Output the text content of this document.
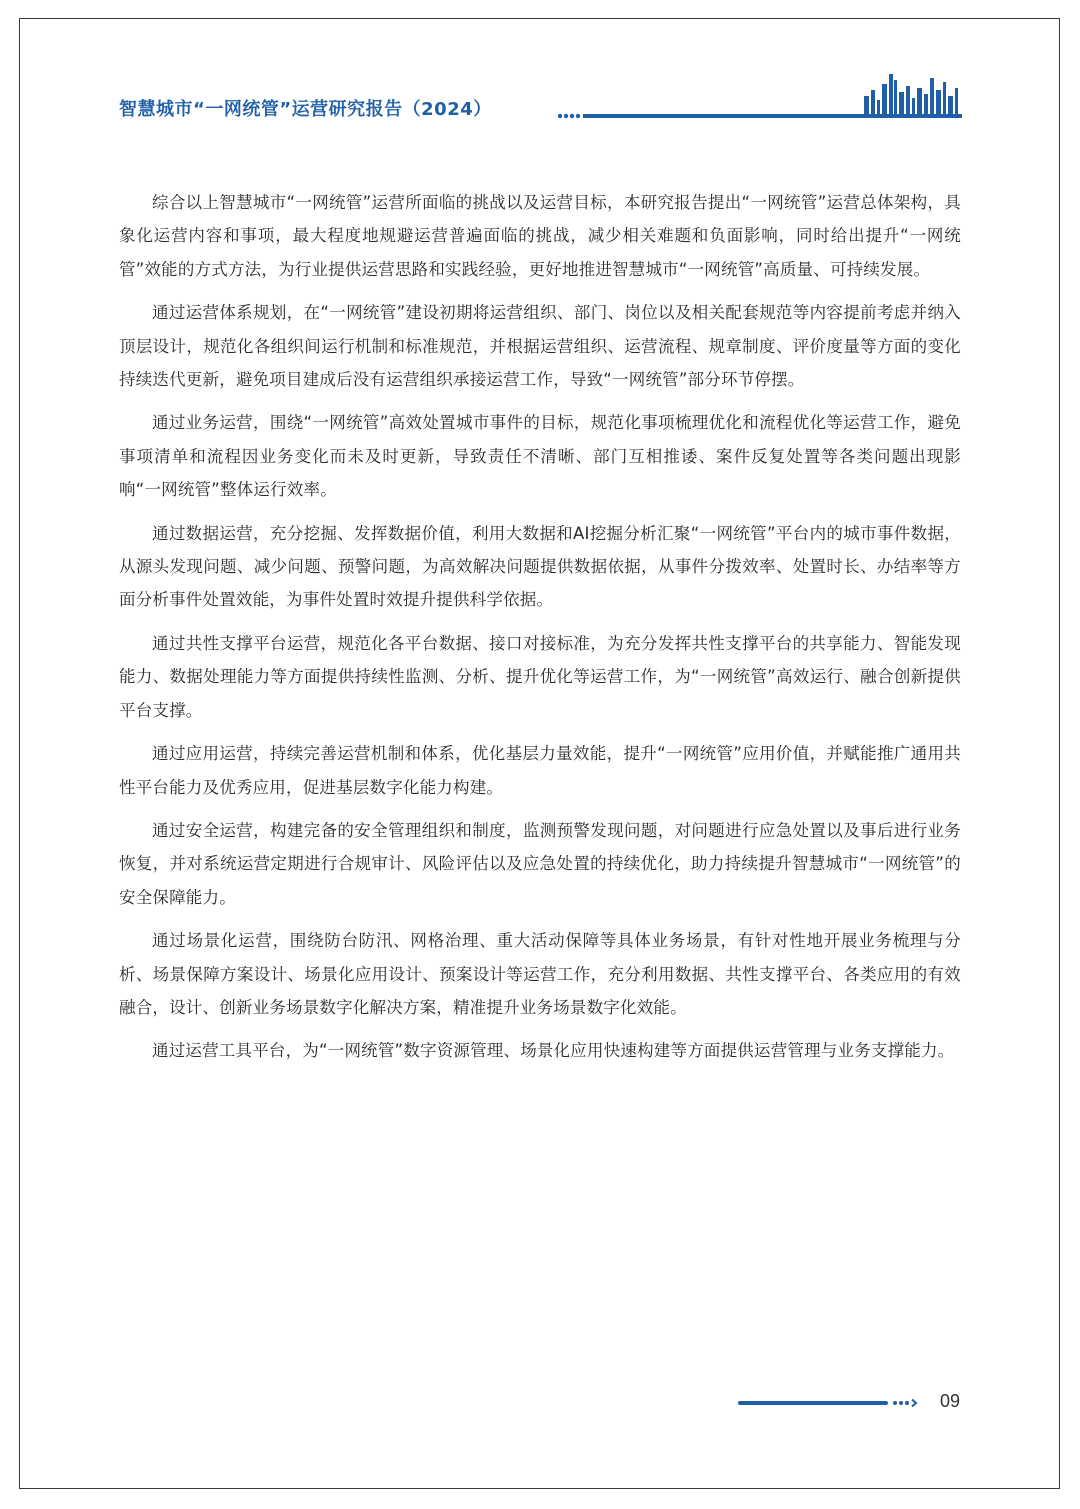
智慧城市“一网统管”运营研究报告（2024）

综合以上智慧城市“一网统管”运营所面临的挑战以及运营目标，本研究报告提出“一网统管”运营总体架构，具象化运营内容和事项，最大程度地规避运营普遍面临的挑战，减少相关难题和负面影响，同时给出提升“一网统管”效能的方式方法，为行业提供运营思路和实践经验，更好地推进智慧城市“一网统管”高质量、可持续发展。

通过运营体系规划，在“一网统管”建设初期将运营组织、部门、岗位以及相关配套规范等内容提前考虑并纳入顶层设计，规范化各组织间运行机制和标准规范，并根据运营组织、运营流程、规章制度、评价度量等方面的变化持续迭代更新，避免项目建成后没有运营组织承接运营工作，导致“一网统管”部分环节停摆。

通过业务运营，围绕“一网统管”高效处置城市事件的目标，规范化事项梳理优化和流程优化等运营工作，避免事项清单和流程因业务变化而未及时更新，导致责任不清晰、部门互相推诿、案件反复处置等各类问题出现影响“一网统管”整体运行效率。

通过数据运营，充分挖掘、发挥数据价值，利用大数据和AI挖掘分析汇聚“一网统管”平台内的城市事件数据，从源头发现问题、减少问题、预警问题，为高效解决问题提供数据依据，从事件分拨效率、处置时长、办结率等方面分析事件处置效能，为事件处置时效提升提供科学依据。

通过共性支撑平台运营，规范化各平台数据、接口对接标准，为充分发挥共性支撑平台的共享能力、智能发现能力、数据处理能力等方面提供持续性监测、分析、提升优化等运营工作，为“一网统管”高效运行、融合创新提供平台支撑。

通过应用运营，持续完善运营机制和体系，优化基层力量效能，提升“一网统管”应用价值，并赋能推广通用共性平台能力及优秀应用，促进基层数字化能力构建。

通过安全运营，构建完备的安全管理组织和制度，监测预警发现问题，对问题进行应急处置以及事后进行业务恢复，并对系统运营定期进行合规审计、风险评估以及应急处置的持续优化，助力持续提升智慧城市“一网统管”的安全保障能力。

通过场景化运营，围绕防台防汛、网格治理、重大活动保障等具体业务场景，有针对性地开展业务梳理与分析、场景保障方案设计、场景化应用设计、预案设计等运营工作，充分利用数据、共性支撑平台、各类应用的有效融合，设计、创新业务场景数字化解决方案，精准提升业务场景数字化效能。

通过运营工具平台，为“一网统管”数字资源管理、场景化应用快速构建等方面提供运营管理与业务支撑能力。

09
